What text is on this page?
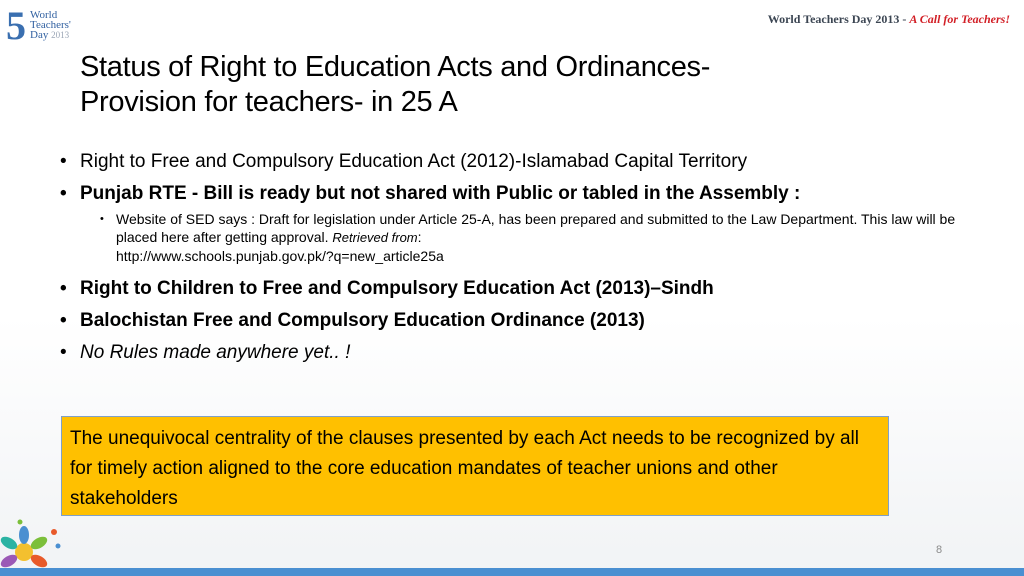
5 World
Teachers'
Day 2013
World Teachers Day 2013 - A Call for Teachers!
Status of Right to Education Acts and Ordinances-
Provision for teachers- in 25 A
• Right to Free and Compulsory Education Act (2012)-Islamabad Capital Territory
• Punjab RTE - Bill is ready but not shared with Public or tabled in the Assembly :
• Website of SED says : Draft for legislation under Article 25-A, has been prepared and submitted to the Law Department. This law will be placed here after getting approval. Retrieved from:
http://www.schools.punjab.gov.pk/?q=new_article25a
• Right to Children to Free and Compulsory Education Act (2013)–Sindh
• Balochistan Free and Compulsory Education Ordinance (2013)
• No Rules made anywhere yet.. !
The unequivocal centrality of the clauses presented by each Act needs to be recognized by all for timely action aligned to the core education mandates of teacher unions and other stakeholders
8
